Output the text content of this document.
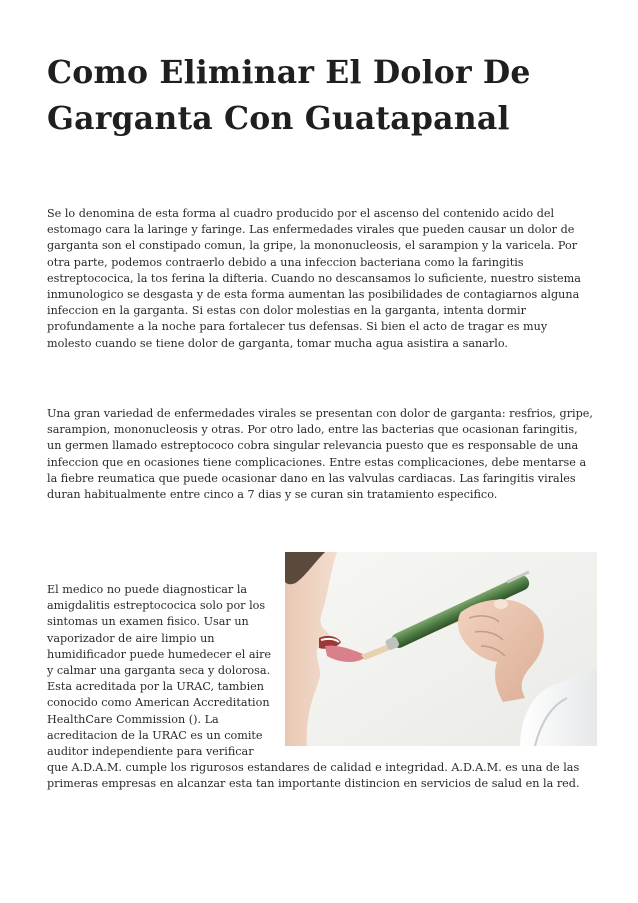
Como Eliminar El Dolor De Garganta Con Guatapanal

Se lo denomina de esta forma al cuadro producido por el ascenso del contenido acido del estomago cara la laringe y faringe. Las enfermedades virales que pueden causar un dolor de garganta son el constipado comun, la gripe, la mononucleosis, el sarampion y la varicela. Por otra parte, podemos contraerlo debido a una infeccion bacteriana como la faringitis estreptococica, la tos ferina la difteria. Cuando no descansamos lo suficiente, nuestro sistema inmunologico se desgasta y de esta forma aumentan las posibilidades de contagiarnos alguna infeccion en la garganta. Si estas con dolor molestias en la garganta, intenta dormir profundamente a la noche para fortalecer tus defensas. Si bien el acto de tragar es muy molesto cuando se tiene dolor de garganta, tomar mucha agua asistira a sanarlo.

Una gran variedad de enfermedades virales se presentan con dolor de garganta: resfrios, gripe, sarampion, mononucleosis y otras. Por otro lado, entre las bacterias que ocasionan faringitis, un germen llamado estreptococo cobra singular relevancia puesto que es responsable de una infeccion que en ocasiones tiene complicaciones. Entre estas complicaciones, debe mentarse a la fiebre reumatica que puede ocasionar dano en las valvulas cardiacas. Las faringitis virales duran habitualmente entre cinco a 7 dias y se curan sin tratamiento especifico.

El medico no puede diagnosticar la amigdalitis estreptococica solo por los sintomas un examen fisico. Usar un vaporizador de aire limpio un humidificador puede humedecer el aire y calmar una garganta seca y dolorosa. Esta acreditada por la URAC, tambien conocido como American Accreditation HealthCare Commission (). La acreditacion de la URAC es un comite auditor independiente para verificar que A.D.A.M. cumple los rigurosos estandares de calidad e integridad. A.D.A.M. es una de las primeras empresas en alcanzar esta tan importante distincion en servicios de salud en la red.
